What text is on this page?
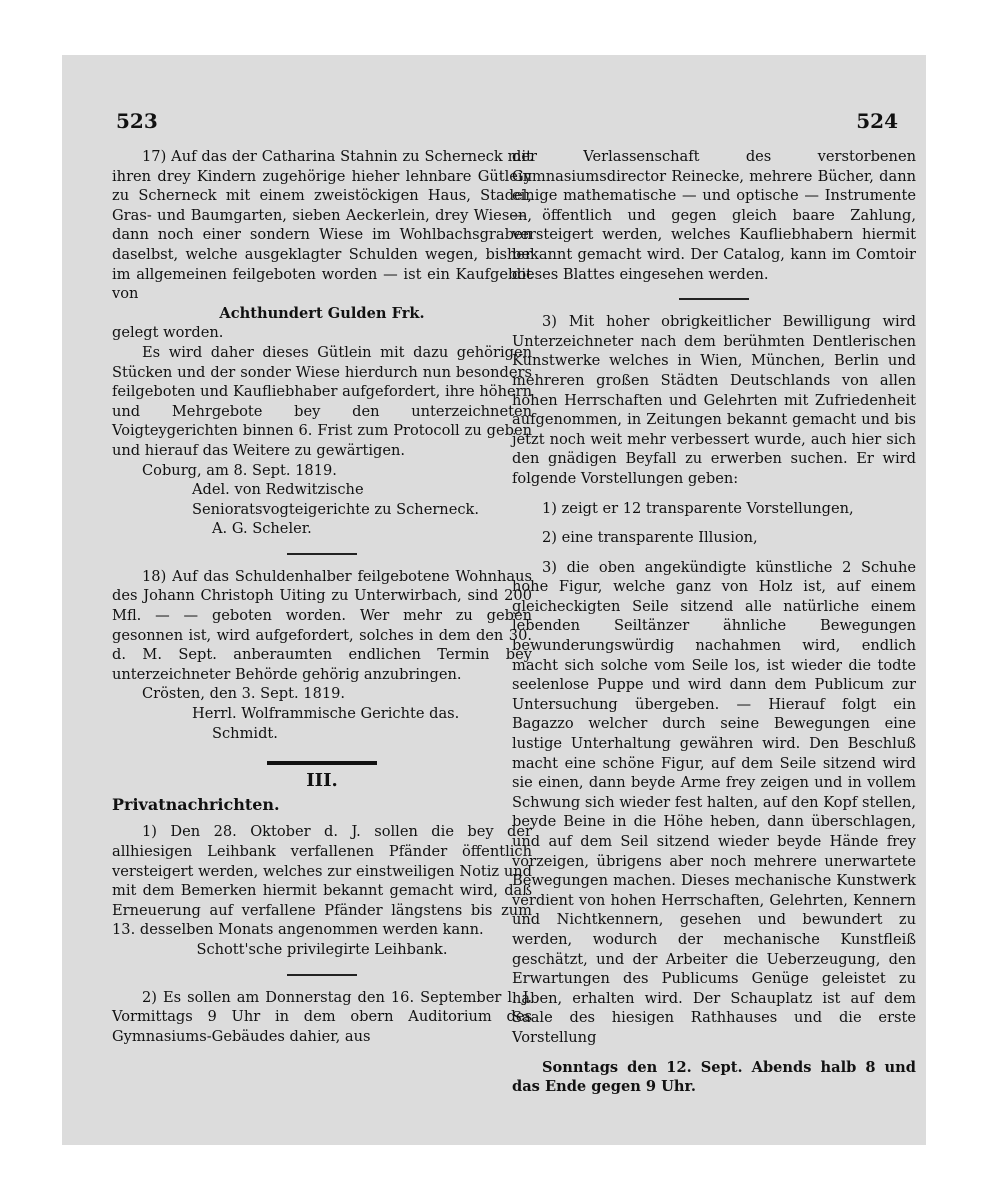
523	524

17) Auf das der Catharina Stahnin zu Scherneck mit ihren drey Kindern zugehörige hieher lehnbare Gütlein zu Scherneck mit einem zweistöckigen Haus, Stadel, Gras- und Baumgarten, sieben Aeckerlein, drey Wiesen, dann noch einer sondern Wiese im Wohlbachsgraben daselbst, welche ausgeklagter Schulden wegen, bisher im allgemeinen feilgeboten worden — ist ein Kaufgebot von

Achthundert Gulden Frk.

gelegt worden.

Es wird daher dieses Gütlein mit dazu gehörigen Stücken und der sonder Wiese hierdurch nun besonders feilgeboten und Kaufliebhaber aufgefordert, ihre höhern und Mehrgebote bey den unterzeichneten Voigteygerichten binnen 6. Frist zum Protocoll zu geben und hierauf das Weitere zu gewärtigen.

Coburg, am 8. Sept. 1819.

Adel. von Redwitzische Senioratsvogteigerichte zu Scherneck.

A. G. Scheler.

18) Auf das Schuldenhalber feilgebotene Wohnhaus des Johann Christoph Uiting zu Unterwirbach, sind 200 Mfl. — — geboten worden. Wer mehr zu geben gesonnen ist, wird aufgefordert, solches in dem den 30. d. M. Sept. anberaumten endlichen Termin bey unterzeichneter Behörde gehörig anzubringen.

Crösten, den 3. Sept. 1819.

Herrl. Wolframmische Gerichte das.

Schmidt.

III.

Privatnachrichten.

1) Den 28. Oktober d. J. sollen die bey der allhiesigen Leihbank verfallenen Pfänder öffentlich versteigert werden, welches zur einstweiligen Notiz und mit dem Bemerken hiermit bekannt gemacht wird, daß Erneuerung auf verfallene Pfänder längstens bis zum 13. desselben Monats angenommen werden kann.

Schott'sche privilegirte Leihbank.

2) Es sollen am Donnerstag den 16. September l. J. Vormittags 9 Uhr in dem obern Auditorium des Gymnasiums-Gebäudes dahier, aus

der Verlassenschaft des verstorbenen Gymnasiumsdirector Reinecke, mehrere Bücher, dann einige mathematische — und optische — Instrumente — öffentlich und gegen gleich baare Zahlung, versteigert werden, welches Kaufliebhabern hiermit bekannt gemacht wird. Der Catalog, kann im Comtoir dieses Blattes eingesehen werden.

3) Mit hoher obrigkeitlicher Bewilligung wird Unterzeichneter nach dem berühmten Dentlerischen Kunstwerke welches in Wien, München, Berlin und mehreren großen Städten Deutschlands von allen hohen Herrschaften und Gelehrten mit Zufriedenheit aufgenommen, in Zeitungen bekannt gemacht und bis jetzt noch weit mehr verbessert wurde, auch hier sich den gnädigen Beyfall zu erwerben suchen. Er wird folgende Vorstellungen geben:

1) zeigt er 12 transparente Vorstellungen,

2) eine transparente Illusion,

3) die oben angekündigte künstliche 2 Schuhe hohe Figur, welche ganz von Holz ist, auf einem gleicheckigten Seile sitzend alle natürliche einem lebenden Seiltänzer ähnliche Bewegungen bewunderungswürdig nachahmen wird, endlich macht sich solche vom Seile los, ist wieder die todte seelenlose Puppe und wird dann dem Publicum zur Untersuchung übergeben. — Hierauf folgt ein Bagazzo welcher durch seine Bewegungen eine lustige Unterhaltung gewähren wird. Den Beschluß macht eine schöne Figur, auf dem Seile sitzend wird sie einen, dann beyde Arme frey zeigen und in vollem Schwung sich wieder fest halten, auf den Kopf stellen, beyde Beine in die Höhe heben, dann überschlagen, und auf dem Seil sitzend wieder beyde Hände frey vorzeigen, übrigens aber noch mehrere unerwartete Bewegungen machen. Dieses mechanische Kunstwerk verdient von hohen Herrschaften, Gelehrten, Kennern und Nichtkennern, gesehen und bewundert zu werden, wodurch der mechanische Kunstfleiß geschätzt, und der Arbeiter die Ueberzeugung, den Erwartungen des Publicums Genüge geleistet zu haben, erhalten wird. Der Schauplatz ist auf dem Saale des hiesigen Rathhauses und die erste Vorstellung

Sonntags den 12. Sept. Abends halb 8 und das Ende gegen 9 Uhr.
